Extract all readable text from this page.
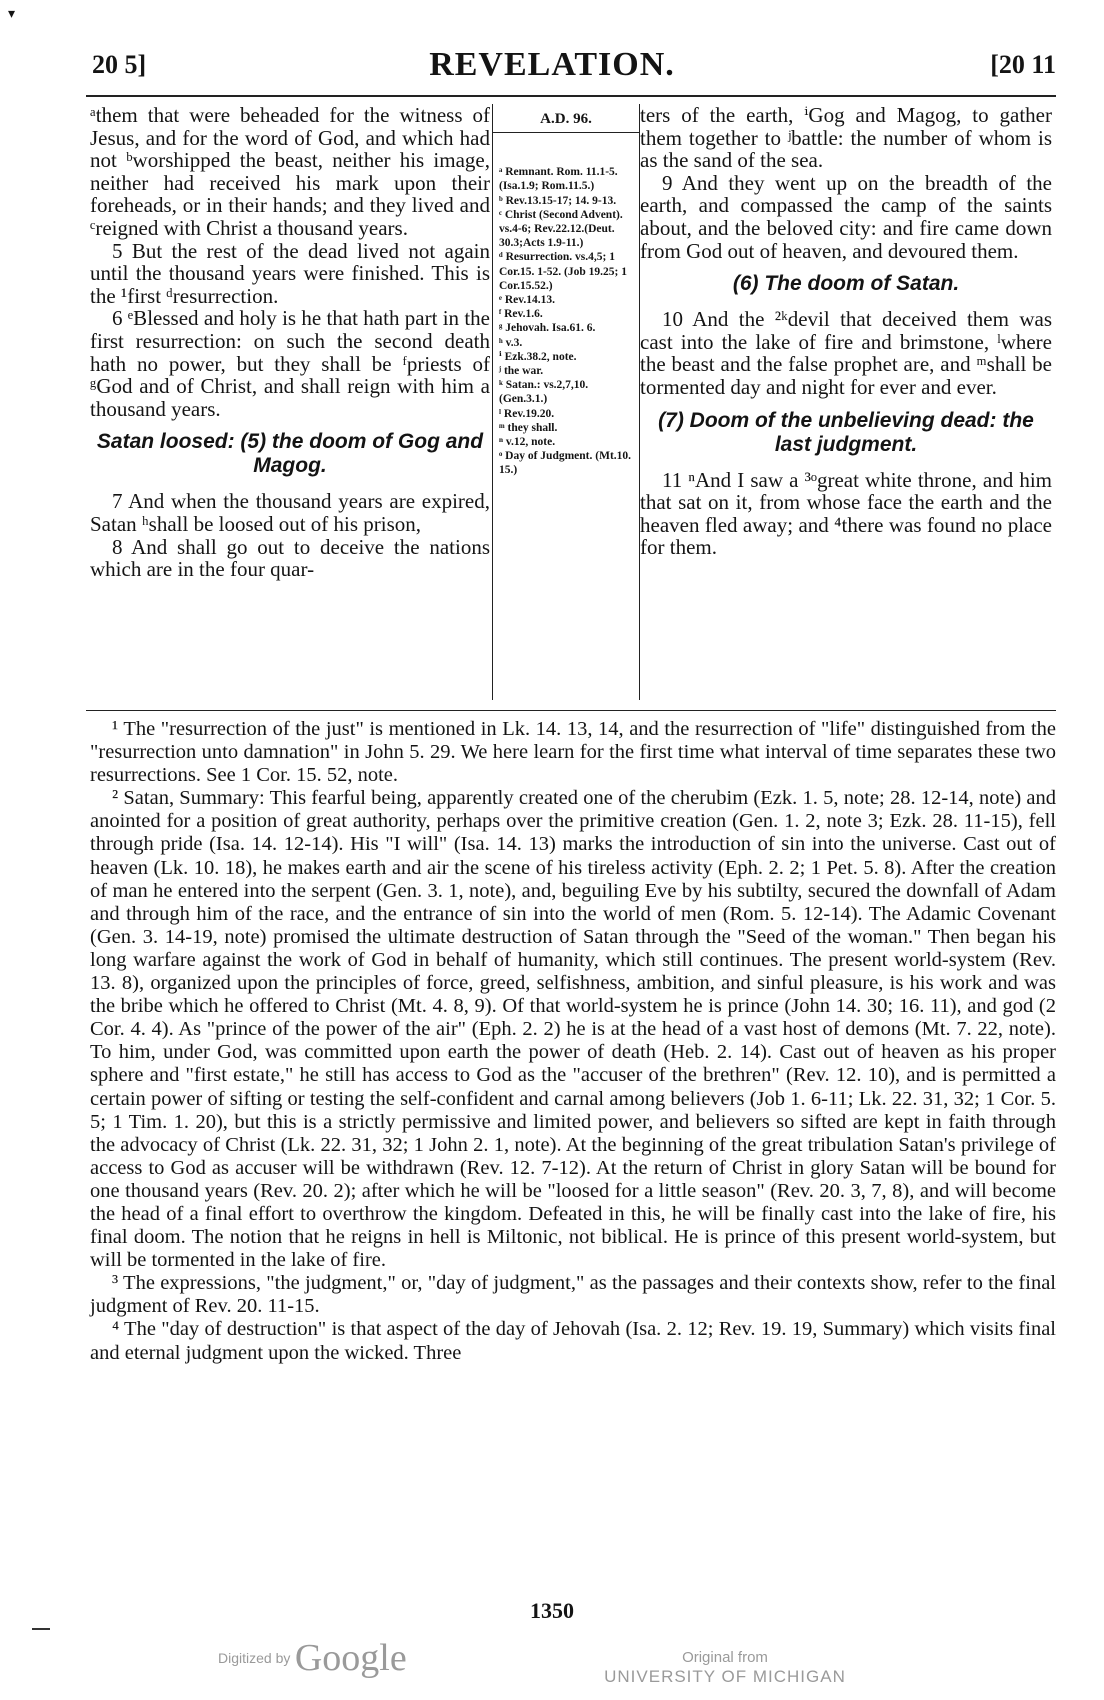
▾
20 5]	REVELATION.	[20 11

ᵃthem that were beheaded for the witness of Jesus, and for the word of God, and which had not ᵇworshipped the beast, neither his image, neither had received his mark upon their foreheads, or in their hands; and they lived and ᶜreigned with Christ a thousand years.

5 But the rest of the dead lived not again until the thousand years were finished. This is the ¹first ᵈresurrection.

6 ᵉBlessed and holy is he that hath part in the first resurrection: on such the second death hath no power, but they shall be ᶠpriests of ᵍGod and of Christ, and shall reign with him a thousand years.

Satan loosed: (5) the doom of Gog and Magog.

7 And when the thousand years are expired, Satan ʰshall be loosed out of his prison,

8 And shall go out to deceive the nations which are in the four quar-

A.D. 96.
ᵃ Remnant. Rom. 11.1-5. (Isa.1.9; Rom.11.5.)
ᵇ Rev.13.15-17; 14. 9-13.
ᶜ Christ (Second Advent). vs.4-6; Rev.22.12.(Deut. 30.3;Acts 1.9-11.)
ᵈ Resurrection. vs.4,5; 1 Cor.15. 1-52. (Job 19.25; 1 Cor.15.52.)
ᵉ Rev.14.13.
ᶠ Rev.1.6.
ᵍ Jehovah. Isa.61. 6.
ʰ v.3.
ⁱ Ezk.38.2, note.
ʲ the war.
ᵏ Satan.: vs.2,7,10. (Gen.3.1.)
ˡ Rev.19.20.
ᵐ they shall.
ⁿ v.12, note.
ᵒ Day of Judgment. (Mt.10. 15.)

ters of the earth, ⁱGog and Magog, to gather them together to ʲbattle: the number of whom is as the sand of the sea.

9 And they went up on the breadth of the earth, and compassed the camp of the saints about, and the beloved city: and fire came down from God out of heaven, and devoured them.

(6) The doom of Satan.

10 And the ²ᵏdevil that deceived them was cast into the lake of fire and brimstone, ˡwhere the beast and the false prophet are, and ᵐshall be tormented day and night for ever and ever.

(7) Doom of the unbelieving dead: the last judgment.

11 ⁿAnd I saw a ³ᵒgreat white throne, and him that sat on it, from whose face the earth and the heaven fled away; and ⁴there was found no place for them.

¹ The "resurrection of the just" is mentioned in Lk. 14. 13, 14, and the resurrection of "life" distinguished from the "resurrection unto damnation" in John 5. 29. We here learn for the first time what interval of time separates these two resurrections. See 1 Cor. 15. 52, note.

² Satan, Summary: This fearful being, apparently created one of the cherubim (Ezk. 1. 5, note; 28. 12-14, note) and anointed for a position of great authority, perhaps over the primitive creation (Gen. 1. 2, note 3; Ezk. 28. 11-15), fell through pride (Isa. 14. 12-14). His "I will" (Isa. 14. 13) marks the introduction of sin into the universe. Cast out of heaven (Lk. 10. 18), he makes earth and air the scene of his tireless activity (Eph. 2. 2; 1 Pet. 5. 8). After the creation of man he entered into the serpent (Gen. 3. 1, note), and, beguiling Eve by his subtilty, secured the downfall of Adam and through him of the race, and the entrance of sin into the world of men (Rom. 5. 12-14). The Adamic Covenant (Gen. 3. 14-19, note) promised the ultimate destruction of Satan through the "Seed of the woman." Then began his long warfare against the work of God in behalf of humanity, which still continues. The present world-system (Rev. 13. 8), organized upon the principles of force, greed, selfishness, ambition, and sinful pleasure, is his work and was the bribe which he offered to Christ (Mt. 4. 8, 9). Of that world-system he is prince (John 14. 30; 16. 11), and god (2 Cor. 4. 4). As "prince of the power of the air" (Eph. 2. 2) he is at the head of a vast host of demons (Mt. 7. 22, note). To him, under God, was committed upon earth the power of death (Heb. 2. 14). Cast out of heaven as his proper sphere and "first estate," he still has access to God as the "accuser of the brethren" (Rev. 12. 10), and is permitted a certain power of sifting or testing the self-confident and carnal among believers (Job 1. 6-11; Lk. 22. 31, 32; 1 Cor. 5. 5; 1 Tim. 1. 20), but this is a strictly permissive and limited power, and believers so sifted are kept in faith through the advocacy of Christ (Lk. 22. 31, 32; 1 John 2. 1, note). At the beginning of the great tribulation Satan's privilege of access to God as accuser will be withdrawn (Rev. 12. 7-12). At the return of Christ in glory Satan will be bound for one thousand years (Rev. 20. 2); after which he will be "loosed for a little season" (Rev. 20. 3, 7, 8), and will become the head of a final effort to overthrow the kingdom. Defeated in this, he will be finally cast into the lake of fire, his final doom. The notion that he reigns in hell is Miltonic, not biblical. He is prince of this present world-system, but will be tormented in the lake of fire.

³ The expressions, "the judgment," or, "day of judgment," as the passages and their contexts show, refer to the final judgment of Rev. 20. 11-15.

⁴ The "day of destruction" is that aspect of the day of Jehovah (Isa. 2. 12; Rev. 19. 19, Summary) which visits final and eternal judgment upon the wicked. Three

1350
Digitized by Google	Original from
UNIVERSITY OF MICHIGAN
